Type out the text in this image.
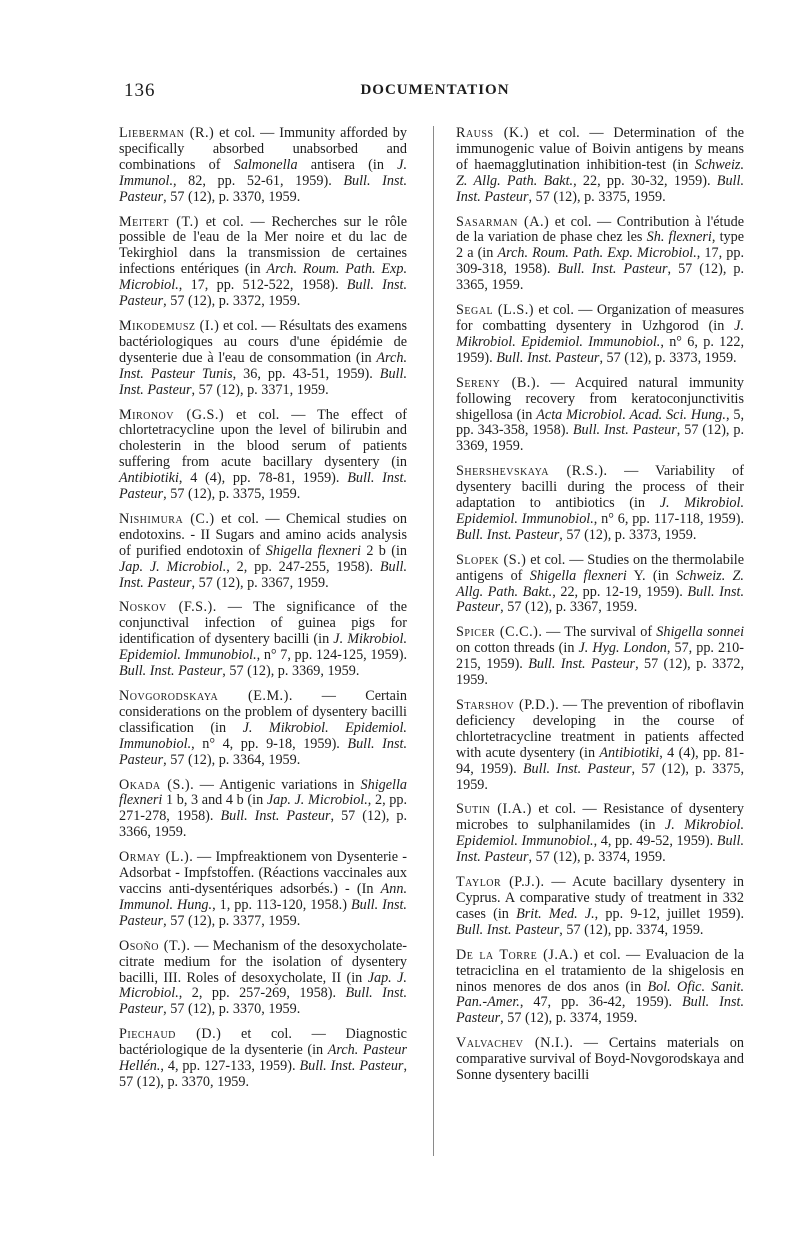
136	DOCUMENTATION

Lieberman (R.) et col. — Immunity afforded by specifically absorbed unabsorbed and combinations of Salmonella antisera (in J. Immunol., 82, pp. 52-61, 1959). Bull. Inst. Pasteur, 57 (12), p. 3370, 1959.

Meitert (T.) et col. — Recherches sur le rôle possible de l'eau de la Mer noire et du lac de Tekirghiol dans la transmission de certaines infections entériques (in Arch. Roum. Path. Exp. Microbiol., 17, pp. 512-522, 1958). Bull. Inst. Pasteur, 57 (12), p. 3372, 1959.

Mikodemusz (I.) et col. — Résultats des examens bactériologiques au cours d'une épidémie de dysenterie due à l'eau de consommation (in Arch. Inst. Pasteur Tunis, 36, pp. 43-51, 1959). Bull. Inst. Pasteur, 57 (12), p. 3371, 1959.

Mironov (G.S.) et col. — The effect of chlortetracycline upon the level of bilirubin and cholesterin in the blood serum of patients suffering from acute bacillary dysentery (in Antibiotiki, 4 (4), pp. 78-81, 1959). Bull. Inst. Pasteur, 57 (12), p. 3375, 1959.

Nishimura (C.) et col. — Chemical studies on endotoxins. - II Sugars and amino acids analysis of purified endotoxin of Shigella flexneri 2 b (in Jap. J. Microbiol., 2, pp. 247-255, 1958). Bull. Inst. Pasteur, 57 (12), p. 3367, 1959.

Noskov (F.S.). — The significance of the conjunctival infection of guinea pigs for identification of dysentery bacilli (in J. Mikrobiol. Epidemiol. Immunobiol., n° 7, pp. 124-125, 1959). Bull. Inst. Pasteur, 57 (12), p. 3369, 1959.

Novgorodskaya (E.M.). — Certain considerations on the problem of dysentery bacilli classification (in J. Mikrobiol. Epidemiol. Immunobiol., n° 4, pp. 9-18, 1959). Bull. Inst. Pasteur, 57 (12), p. 3364, 1959.

Okada (S.). — Antigenic variations in Shigella flexneri 1 b, 3 and 4 b (in Jap. J. Microbiol., 2, pp. 271-278, 1958). Bull. Inst. Pasteur, 57 (12), p. 3366, 1959.

Ormay (L.). — Impfreaktionem von Dysenterie - Adsorbat - Impfstoffen. (Réactions vaccinales aux vaccins anti-dysentériques adsorbés.) - (In Ann. Immunol. Hung., 1, pp. 113-120, 1958.) Bull. Inst. Pasteur, 57 (12), p. 3377, 1959.

Osoño (T.). — Mechanism of the desoxycholate-citrate medium for the isolation of dysentery bacilli, III. Roles of desoxycholate, II (in Jap. J. Microbiol., 2, pp. 257-269, 1958). Bull. Inst. Pasteur, 57 (12), p. 3370, 1959.

Piechaud (D.) et col. — Diagnostic bactériologique de la dysenterie (in Arch. Pasteur Hellén., 4, pp. 127-133, 1959). Bull. Inst. Pasteur, 57 (12), p. 3370, 1959.

Rauss (K.) et col. — Determination of the immunogenic value of Boivin antigens by means of haemagglutination inhibition-test (in Schweiz. Z. Allg. Path. Bakt., 22, pp. 30-32, 1959). Bull. Inst. Pasteur, 57 (12), p. 3375, 1959.

Sasarman (A.) et col. — Contribution à l'étude de la variation de phase chez les Sh. flexneri, type 2 a (in Arch. Roum. Path. Exp. Microbiol., 17, pp. 309-318, 1958). Bull. Inst. Pasteur, 57 (12), p. 3365, 1959.

Segal (L.S.) et col. — Organization of measures for combatting dysentery in Uzhgorod (in J. Mikrobiol. Epidemiol. Immunobiol., n° 6, p. 122, 1959). Bull. Inst. Pasteur, 57 (12), p. 3373, 1959.

Sereny (B.). — Acquired natural immunity following recovery from keratoconjunctivitis shigellosa (in Acta Microbiol. Acad. Sci. Hung., 5, pp. 343-358, 1958). Bull. Inst. Pasteur, 57 (12), p. 3369, 1959.

Shershevskaya (R.S.). — Variability of dysentery bacilli during the process of their adaptation to antibiotics (in J. Mikrobiol. Epidemiol. Immunobiol., n° 6, pp. 117-118, 1959). Bull. Inst. Pasteur, 57 (12), p. 3373, 1959.

Slopek (S.) et col. — Studies on the thermolabile antigens of Shigella flexneri Y. (in Schweiz. Z. Allg. Path. Bakt., 22, pp. 12-19, 1959). Bull. Inst. Pasteur, 57 (12), p. 3367, 1959.

Spicer (C.C.). — The survival of Shigella sonnei on cotton threads (in J. Hyg. London, 57, pp. 210-215, 1959). Bull. Inst. Pasteur, 57 (12), p. 3372, 1959.

Starshov (P.D.). — The prevention of riboflavin deficiency developing in the course of chlortetracycline treatment in patients affected with acute dysentery (in Antibiotiki, 4 (4), pp. 81-94, 1959). Bull. Inst. Pasteur, 57 (12), p. 3375, 1959.

Sutin (I.A.) et col. — Resistance of dysentery microbes to sulphanilamides (in J. Mikrobiol. Epidemiol. Immunobiol., 4, pp. 49-52, 1959). Bull. Inst. Pasteur, 57 (12), p. 3374, 1959.

Taylor (P.J.). — Acute bacillary dysentery in Cyprus. A comparative study of treatment in 332 cases (in Brit. Med. J., pp. 9-12, juillet 1959). Bull. Inst. Pasteur, 57 (12), pp. 3374, 1959.

De la Torre (J.A.) et col. — Evaluacion de la tetraciclina en el tratamiento de la shigelosis en ninos menores de dos anos (in Bol. Ofic. Sanit. Pan.-Amer., 47, pp. 36-42, 1959). Bull. Inst. Pasteur, 57 (12), p. 3374, 1959.

Valvachev (N.I.). — Certains materials on comparative survival of Boyd-Novgorodskaya and Sonne dysentery bacilli
